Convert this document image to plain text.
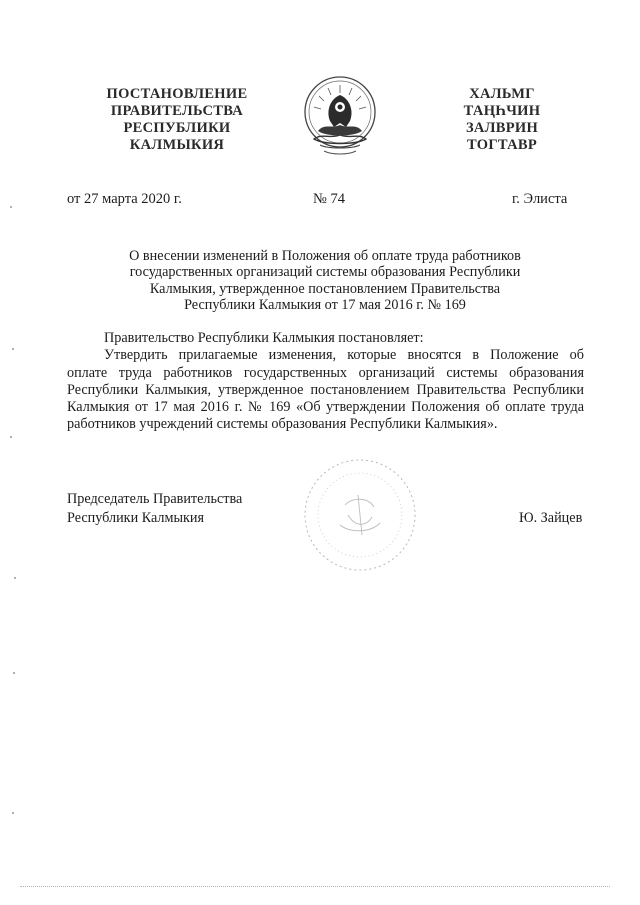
ПОСТАНОВЛЕНИЕ
ПРАВИТЕЛЬСТВА
РЕСПУБЛИКИ
КАЛМЫКИЯ
ХАЛЬМГ
ТАҢҺЧИН
ЗАЛВРИН
ТОГТАВР
от 27 марта 2020 г.	№ 74	г. Элиста
О внесении изменений в Положения об оплате труда работников
государственных организаций системы образования Республики
Калмыкия, утвержденное постановлением Правительства
Республики Калмыкия от 17 мая 2016 г. № 169
Правительство Республики Калмыкия постановляет:
Утвердить прилагаемые изменения, которые вносятся в Положение об
оплате труда работников государственных организаций системы образования
Республики Калмыкия, утвержденное постановлением Правительства Республики
Калмыкия от 17 мая 2016 г. № 169 «Об утверждении Положения об оплате труда
работников учреждений системы образования Республики Калмыкия».
Председатель Правительства
Республики Калмыкия	Ю. Зайцев
